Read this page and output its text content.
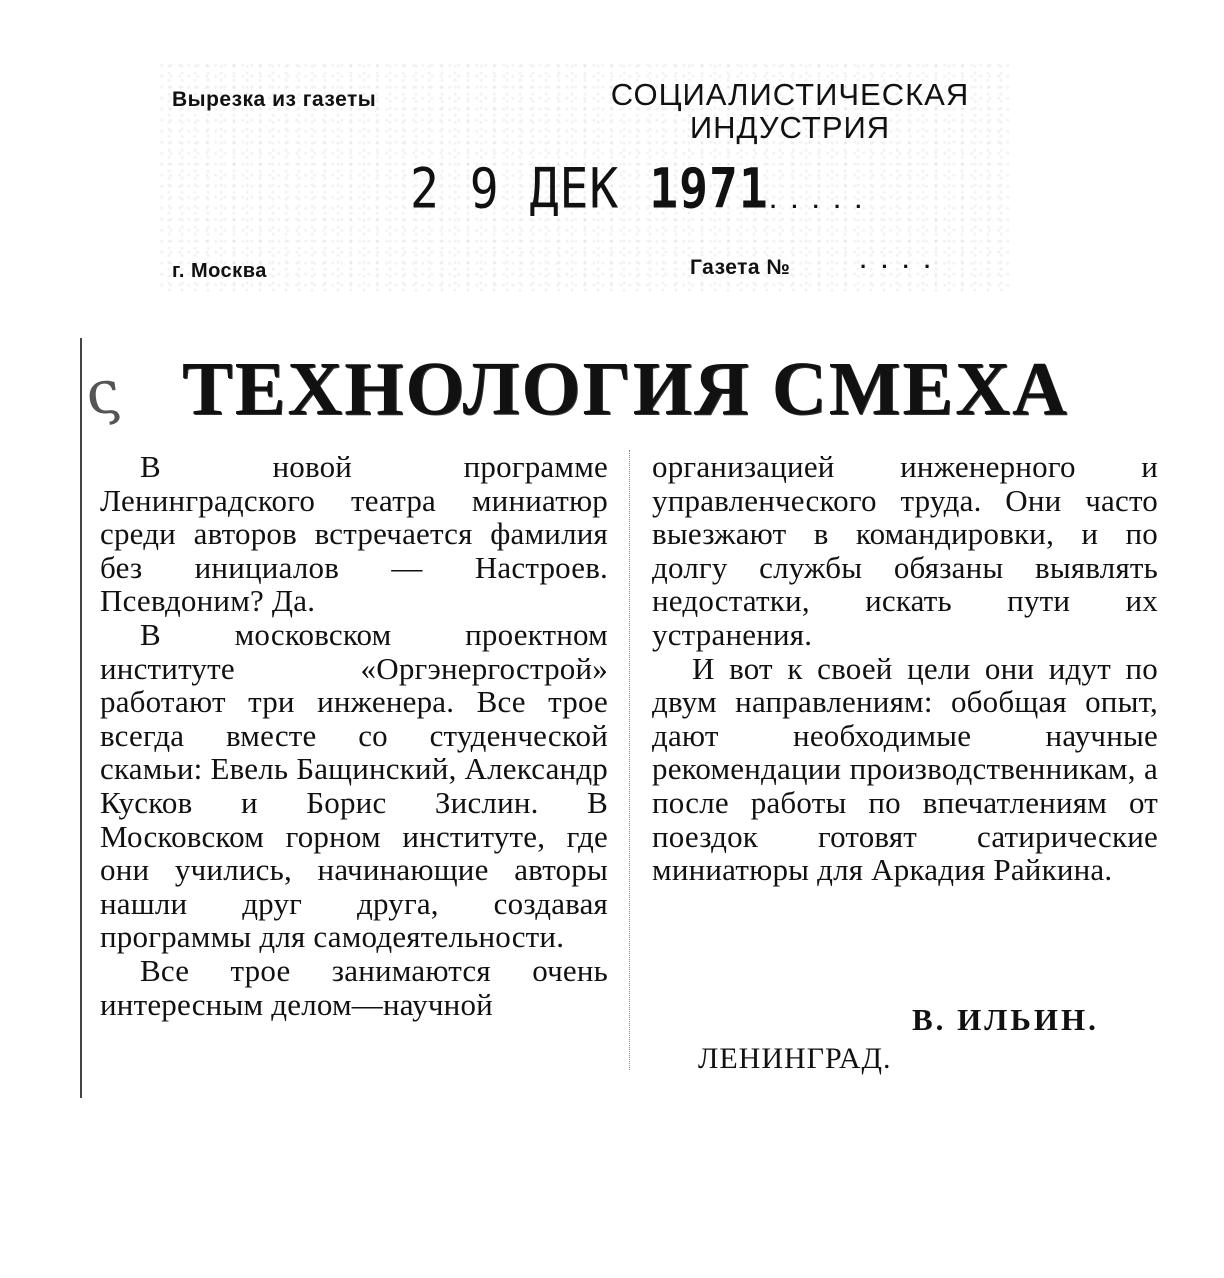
Вырезка из газеты	СОЦИАЛИСТИЧЕСКАЯ
ИНДУСТРИЯ
2 9 ДЕК 1971 ·····
г. Москва	Газета №	····
ς ТЕХНОЛОГИЯ СМЕХА

В новой программе Ленинградского театра миниатюр среди авторов встречается фамилия без инициалов — Настроев. Псевдоним? Да.

В московском проектном институте «Оргэнергострой» работают три инженера. Все трое всегда вместе со студенческой скамьи: Евель Бащинский, Александр Кусков и Борис Зислин. В Московском горном институте, где они учились, начинающие авторы нашли друг друга, создавая программы для самодеятельности.

Все трое занимаются очень интересным делом—научной

организацией инженерного и управленческого труда. Они часто выезжают в командировки, и по долгу службы обязаны выявлять недостатки, искать пути их устранения.

И вот к своей цели они идут по двум направлениям: обобщая опыт, дают необходимые научные рекомендации производственникам, а после работы по впечатлениям от поездок готовят сатирические миниатюры для Аркадия Райкина.

В. ИЛЬИН.
ЛЕНИНГРАД.
